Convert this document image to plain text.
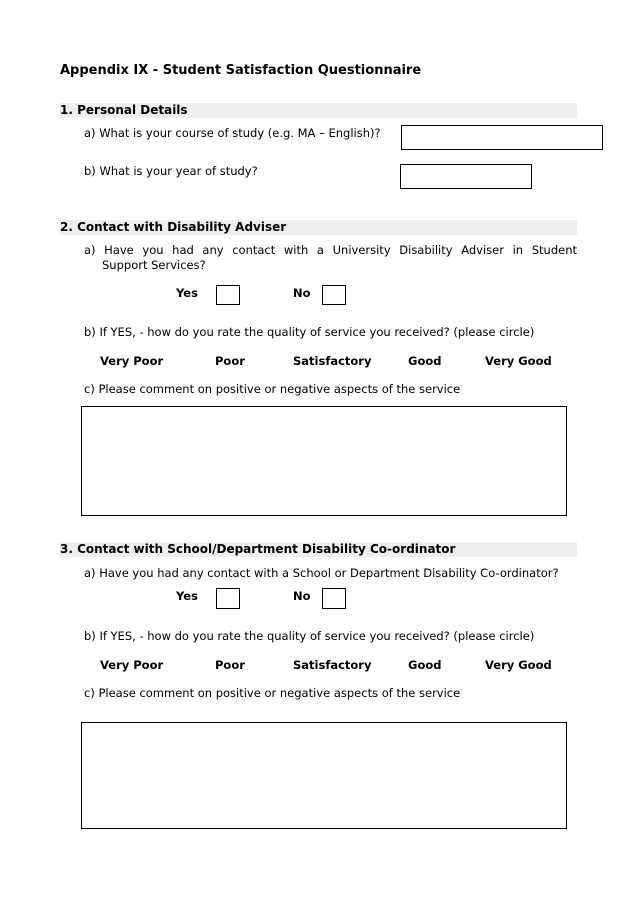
Appendix IX - Student Satisfaction Questionnaire
1. Personal Details
a) What is your course of study (e.g. MA – English)?
b) What is your year of study?
2. Contact with Disability Adviser
a) Have you had any contact with a University Disability Adviser in Student
Support Services?
Yes	No
b) If YES, - how do you rate the quality of service you received? (please circle)
Very Poor	Poor	Satisfactory	Good	Very Good
c) Please comment on positive or negative aspects of the service
3. Contact with School/Department Disability Co-ordinator
a) Have you had any contact with a School or Department Disability Co-ordinator?
Yes	No
b) If YES, - how do you rate the quality of service you received? (please circle)
Very Poor	Poor	Satisfactory	Good	Very Good
c) Please comment on positive or negative aspects of the service
